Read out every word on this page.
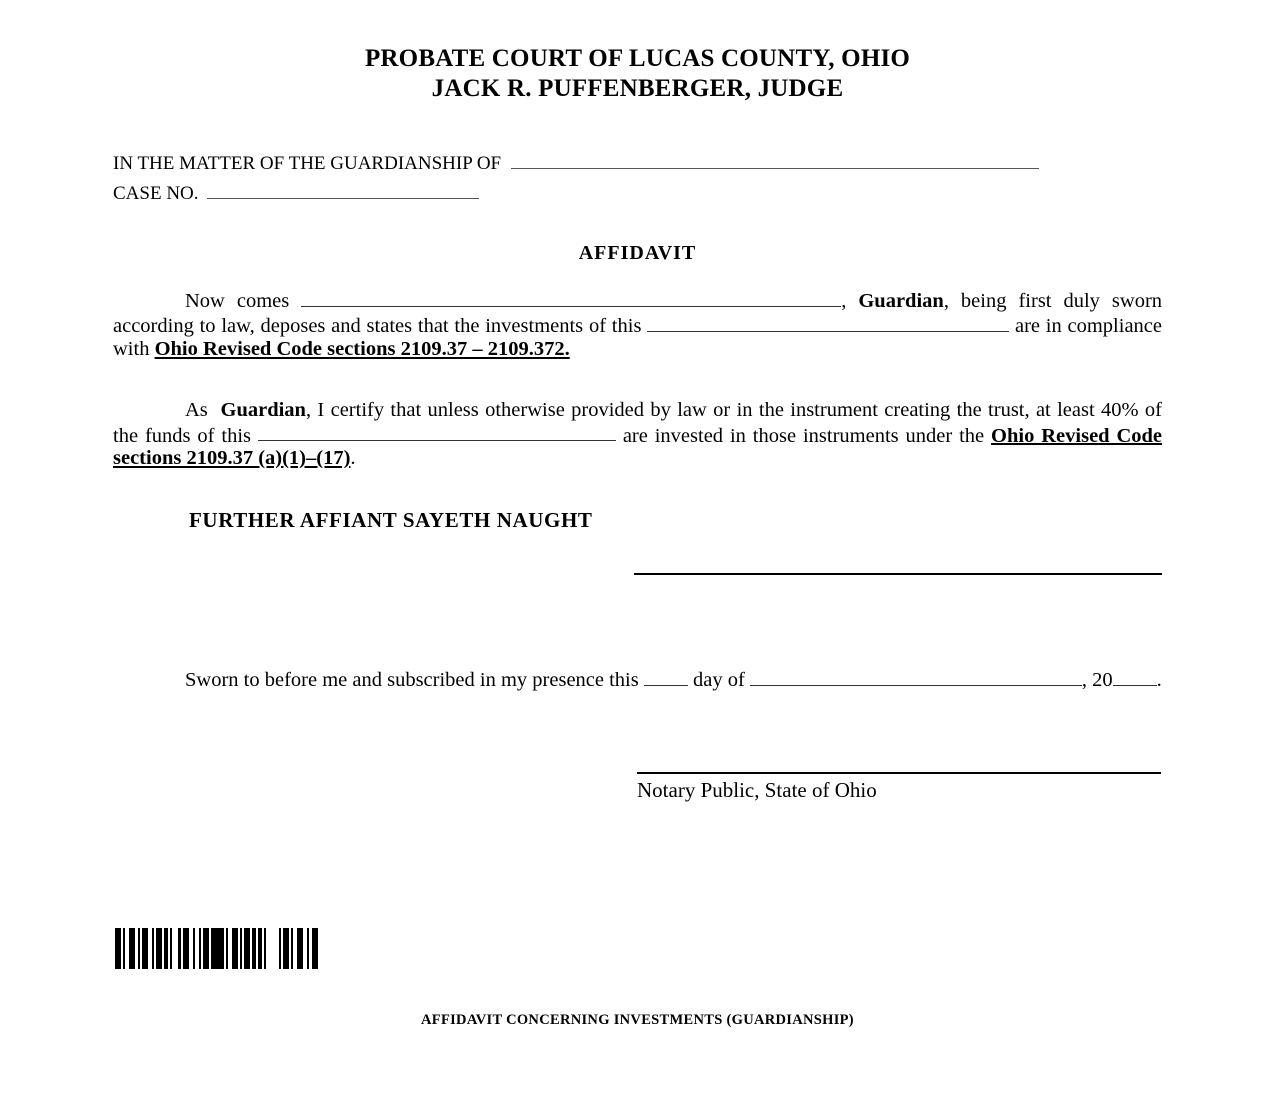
PROBATE COURT OF LUCAS COUNTY, OHIO
JACK R. PUFFENBERGER, JUDGE
IN THE MATTER OF THE GUARDIANSHIP OF
CASE NO.
AFFIDAVIT
Now comes	, Guardian, being first duly sworn according to law, deposes and states that the investments of this	are in compliance with Ohio Revised Code sections 2109.37 – 2109.372.
As Guardian, I certify that unless otherwise provided by law or in the instrument creating the trust, at least 40% of the funds of this	are invested in those instruments under the Ohio Revised Code sections 2109.37 (a)(1)–(17).
FURTHER AFFIANT SAYETH NAUGHT
Sworn to before me and subscribed in my presence this	day of	, 20 .
Notary Public, State of Ohio
AFFIDAVIT CONCERNING INVESTMENTS (GUARDIANSHIP)
